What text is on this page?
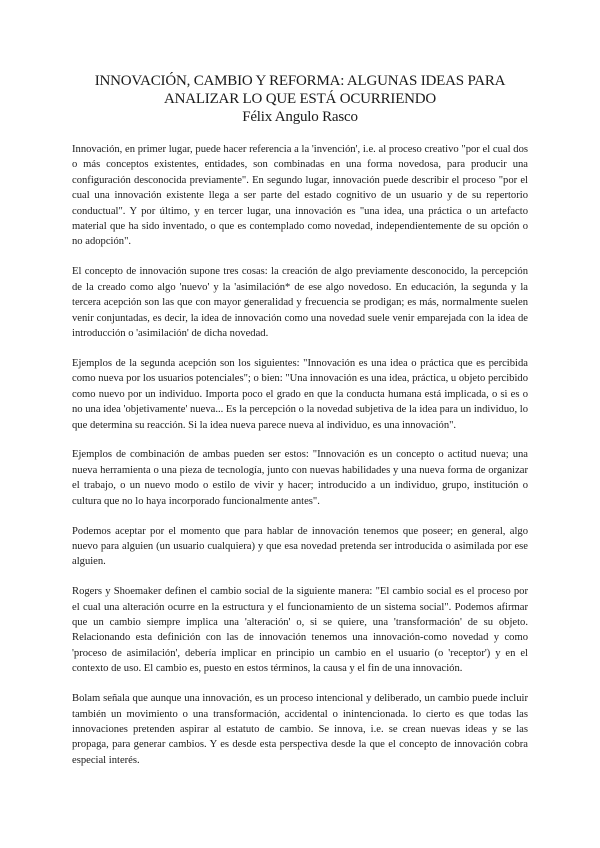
INNOVACIÓN, CAMBIO Y REFORMA: ALGUNAS IDEAS PARA
ANALIZAR LO QUE ESTÁ OCURRIENDO
Félix Angulo Rasco

Innovación, en primer lugar, puede hacer referencia a la 'invención', i.e. al proceso creativo "por el cual dos o más conceptos existentes, entidades, son combinadas en una forma novedosa, para producir una configuración desconocida previamente". En segundo lugar, innovación puede describir el proceso "por el cual una innovación existente llega a ser parte del estado cognitivo de un usuario y de su repertorio conductual". Y por último, y en tercer lugar, una innovación es "una idea, una práctica o un artefacto material que ha sido inventado, o que es contemplado como novedad, independientemente de su opción o no adopción".

El concepto de innovación supone tres cosas: la creación de algo previamente desconocido, la percepción de la creado como algo 'nuevo' y la 'asimilación* de ese algo novedoso. En educación, la segunda y la tercera acepción son las que con mayor generalidad y frecuencia se prodigan; es más, normalmente suelen venir conjuntadas, es decir, la idea de innovación como una novedad suele venir emparejada con la idea de introducción o 'asimilación' de dicha novedad.

Ejemplos de la segunda acepción son los siguientes: "Innovación es una idea o práctica que es percibida como nueva por los usuarios potenciales"; o bien: "Una innovación es una idea, práctica, u objeto percibido como nuevo por un individuo. Importa poco el grado en que la conducta humana está implicada, o si es o no una idea 'objetivamente' nueva... Es la percepción o la novedad subjetiva de la idea para un individuo, lo que determina su reacción. Si la idea nueva parece nueva al individuo, es una innovación".

Ejemplos de combinación de ambas pueden ser estos: "Innovación es un concepto o actitud nueva; una nueva herramienta o una pieza de tecnología, junto con nuevas habilidades y una nueva forma de organizar el trabajo, o un nuevo modo o estilo de vivir y hacer; introducido a un individuo, grupo, institución o cultura que no lo haya incorporado funcionalmente antes".

Podemos aceptar por el momento que para hablar de innovación tenemos que poseer; en general, algo nuevo para alguien (un usuario cualquiera) y que esa novedad pretenda ser introducida o asimilada por ese alguien.

Rogers y Shoemaker definen el cambio social de la siguiente manera: "El cambio social es el proceso por el cual una alteración ocurre en la estructura y el funcionamiento de un sistema social". Podemos afirmar que un cambio siempre implica una 'alteración' o, si se quiere, una 'transformación' de su objeto. Relacionando esta definición con las de innovación tenemos una innovación-como novedad y como 'proceso de asimilación', debería implicar en principio un cambio en el usuario (o 'receptor') y en el contexto de uso. El cambio es, puesto en estos términos, la causa y el fin de una innovación.

Bolam señala que aunque una innovación, es un proceso intencional y deliberado, un cambio puede incluir también un movimiento o una transformación, accidental o inintencionada. lo cierto es que todas las innovaciones pretenden aspirar al estatuto de cambio. Se innova, i.e. se crean nuevas ideas y se las propaga, para generar cambios. Y es desde esta perspectiva desde la que el concepto de innovación cobra especial interés.
